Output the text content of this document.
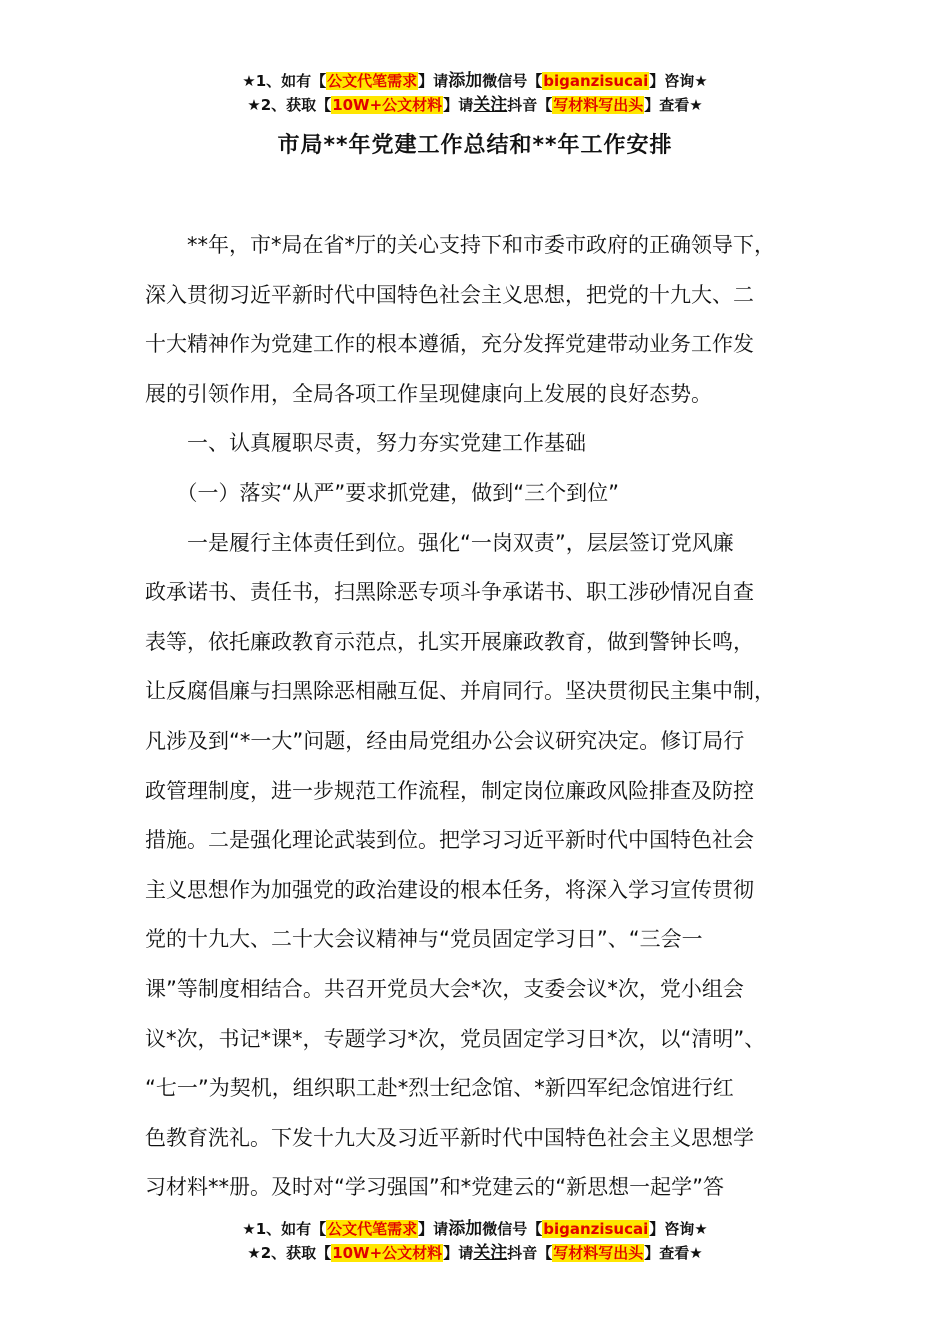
★1、如有【公文代笔需求】请添加微信号【biganzisucai】咨询★
★2、获取【10W+公文材料】请关注抖音【写材料写出头】查看★
市局**年党建工作总结和**年工作安排
　　**年，市*局在省*厅的关心支持下和市委市政府的正确领导下，
深入贯彻习近平新时代中国特色社会主义思想，把党的十九大、二
十大精神作为党建工作的根本遵循，充分发挥党建带动业务工作发
展的引领作用，全局各项工作呈现健康向上发展的良好态势。
　　一、认真履职尽责，努力夯实党建工作基础
　　（一）落实“从严”要求抓党建，做到“三个到位”
　　一是履行主体责任到位。强化“一岗双责”，层层签订党风廉
政承诺书、责任书，扫黑除恶专项斗争承诺书、职工涉砂情况自查
表等，依托廉政教育示范点，扎实开展廉政教育，做到警钟长鸣，
让反腐倡廉与扫黑除恶相融互促、并肩同行。坚决贯彻民主集中制，
凡涉及到“*一大”问题，经由局党组办公会议研究决定。修订局行
政管理制度，进一步规范工作流程，制定岗位廉政风险排查及防控
措施。二是强化理论武装到位。把学习习近平新时代中国特色社会
主义思想作为加强党的政治建设的根本任务，将深入学习宣传贯彻
党的十九大、二十大会议精神与“党员固定学习日”、“三会一
课”等制度相结合。共召开党员大会*次，支委会议*次，党小组会
议*次，书记*课*，专题学习*次，党员固定学习日*次，以“清明”、
“七一”为契机，组织职工赴*烈士纪念馆、*新四军纪念馆进行红
色教育洗礼。下发十九大及习近平新时代中国特色社会主义思想学
习材料**册。及时对“学习强国”和*党建云的“新思想一起学”答
★1、如有【公文代笔需求】请添加微信号【biganzisucai】咨询★
★2、获取【10W+公文材料】请关注抖音【写材料写出头】查看★
